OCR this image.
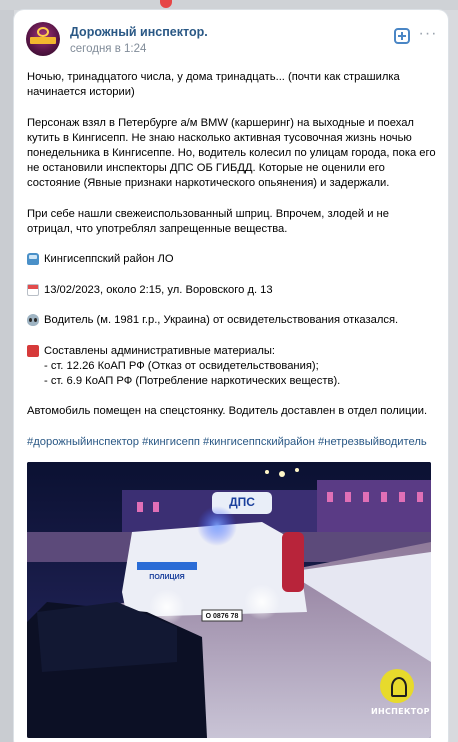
Дорожный инспектор.
сегодня в 1:24
···
Ночью, тринадцатого числа, у дома тринадцать... (почти как страшилка начинается истории)
Персонаж взял в Петербурге а/м BMW (каршеринг) на выходные и поехал кутить в Кингисепп. Не знаю насколько активная тусовочная жизнь ночью понедельника в Кингисеппе. Но, водитель колесил по улицам города, пока его не остановили инспекторы ДПС ОБ ГИБДД. Которые не оценили его состояние (Явные признаки наркотического опьянения) и задержали.
При себе нашли свежеиспользованный шприц. Впрочем, злодей и не отрицал, что употреблял запрещенные вещества.
Кингисеппский район ЛО
13/02/2023, около 2:15, ул. Воровского д. 13
Водитель (м. 1981 г.р., Украина) от освидетельствования отказался.
Составлены административные материалы:
- ст. 12.26 КоАП РФ (Отказ от освидетельствования);
- ст. 6.9 КоАП РФ (Потребление наркотических веществ).
Автомобиль помещен на спецстоянку. Водитель доставлен в отдел полиции.
#дорожныйинспектор #кингисепп #кингисеппскийрайон #нетрезвыйводитель
ДПС
ПОЛИЦИЯ
О 0876 78
ИНСПЕКТОР
